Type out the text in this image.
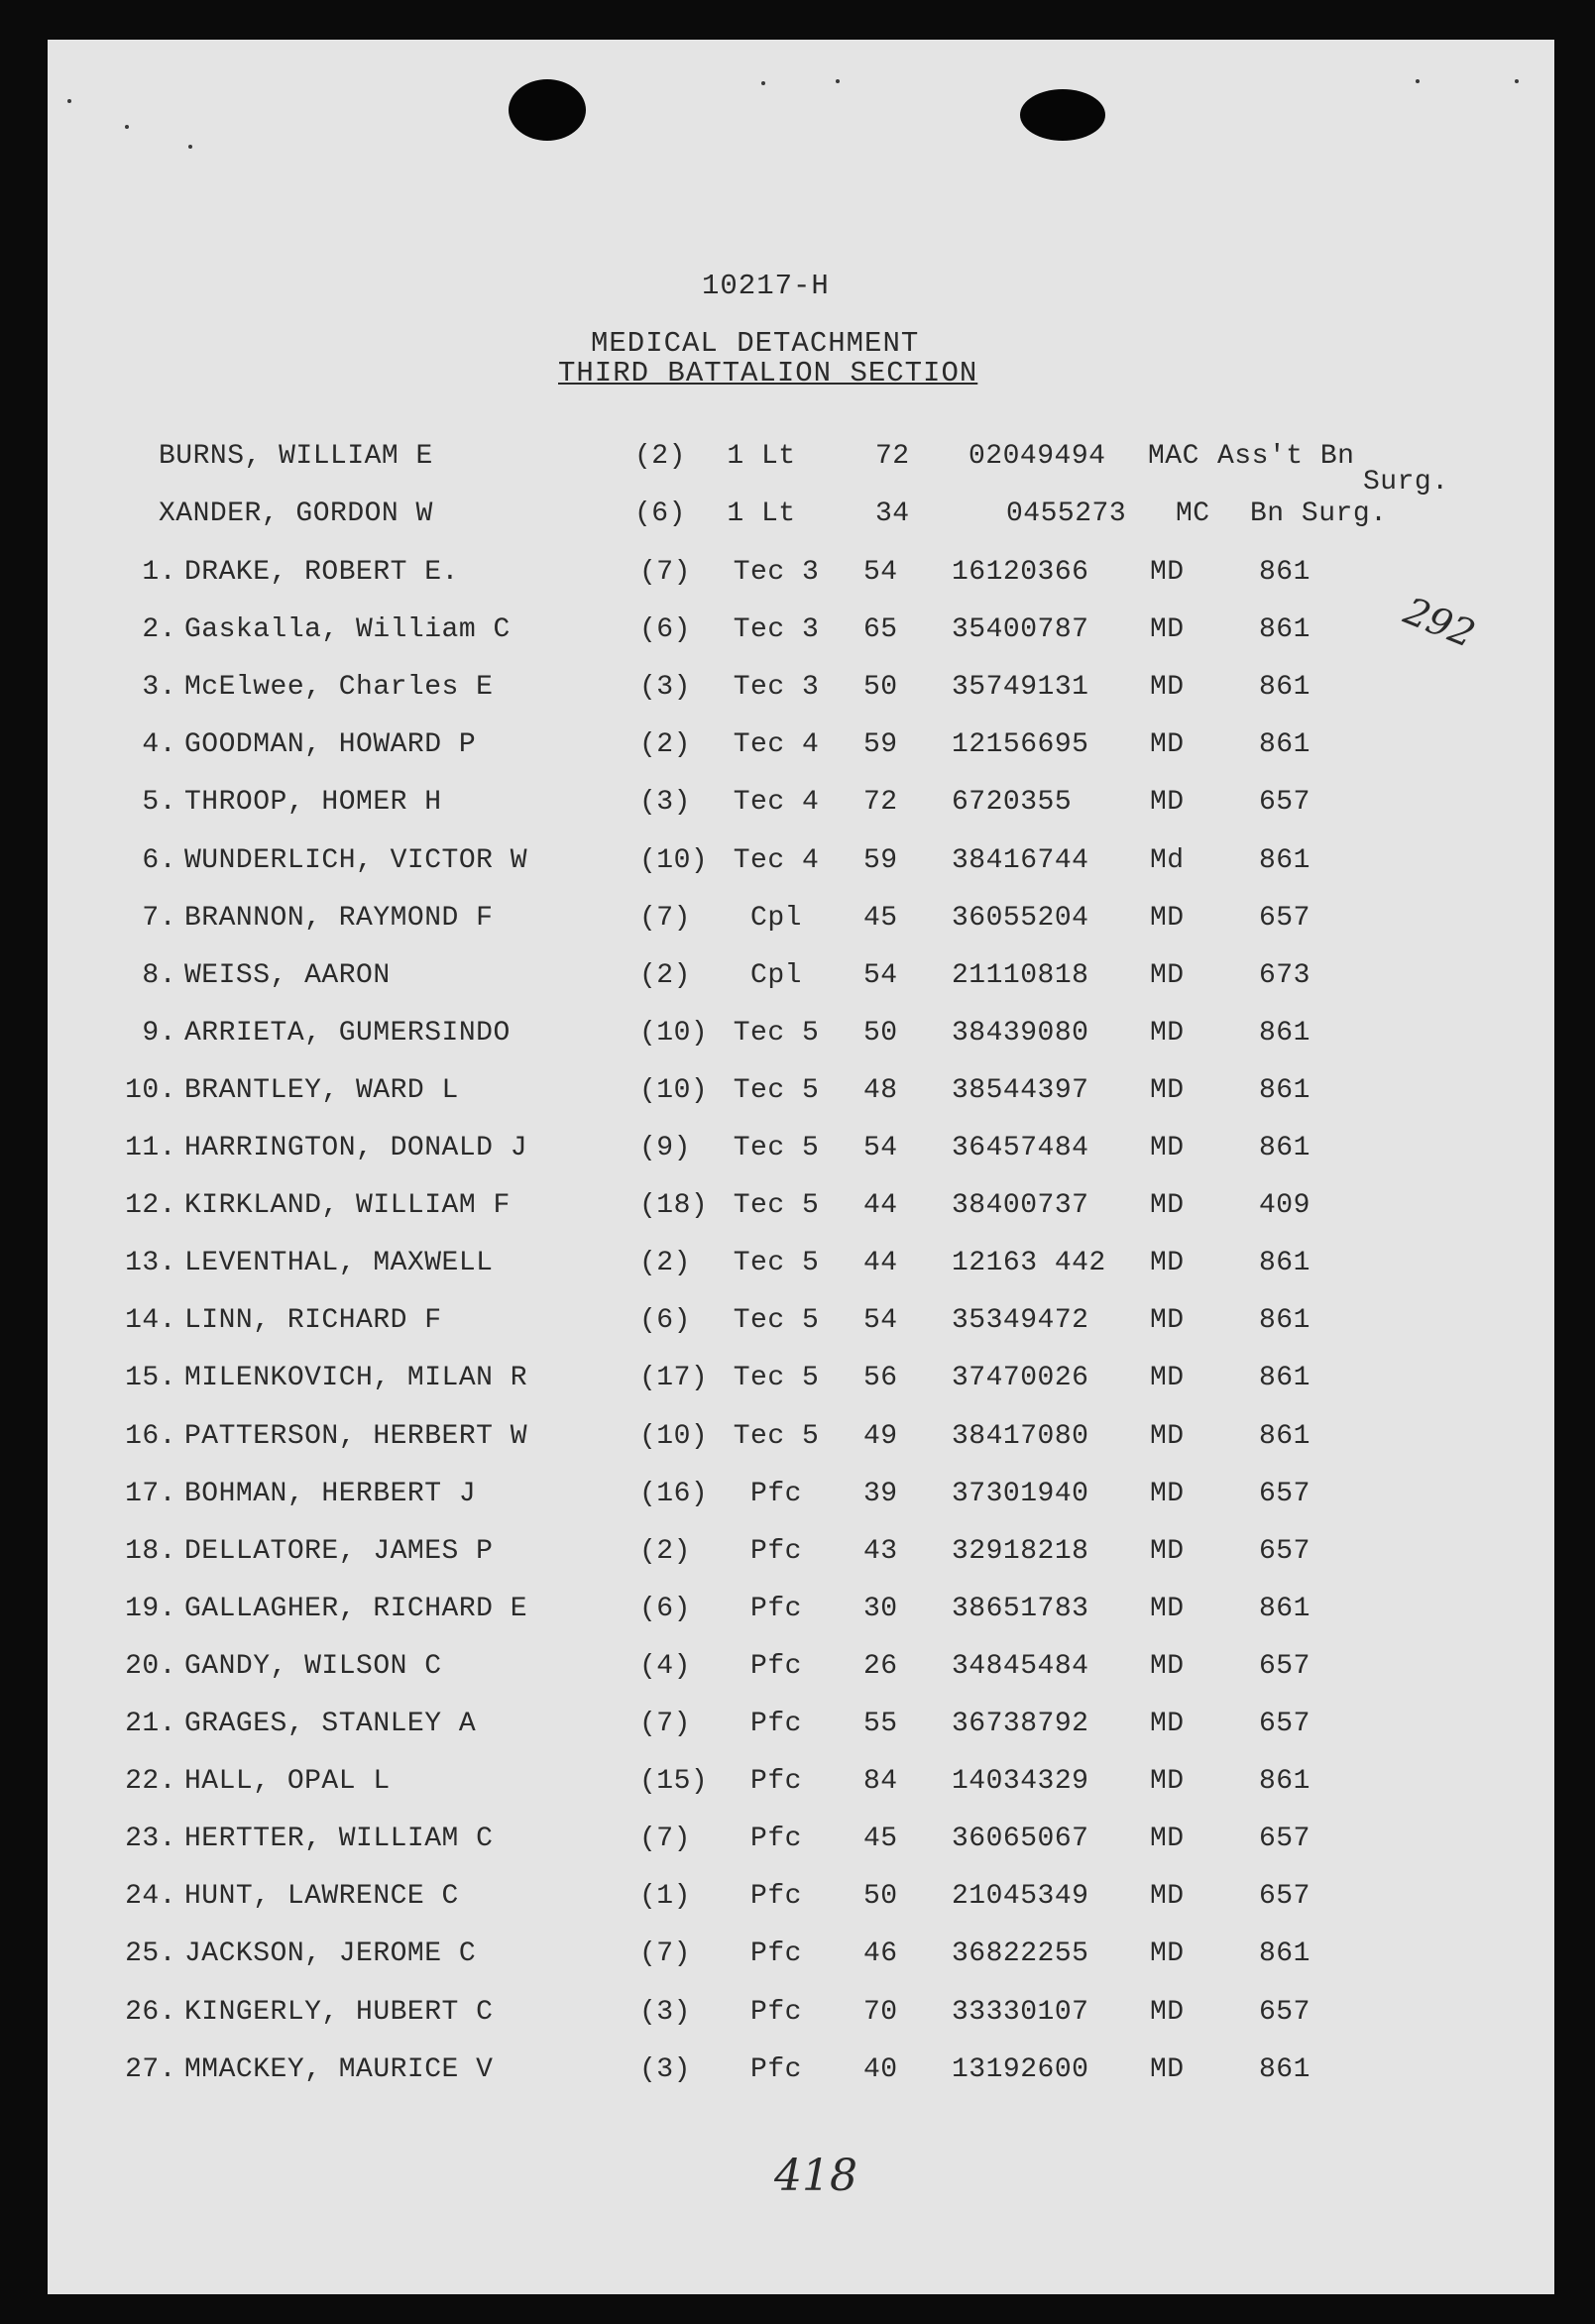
10217-H
MEDICAL DETACHMENT
THIRD BATTALION SECTION
292
418
BURNS, WILLIAM E	(2)	1 Lt	72 02049494 MAC Ass't Bn
Surg.
XANDER, GORDON W	(6)	1 Lt	34	0455273 MC Bn Surg.
1. DRAKE, ROBERT E.	(7)	Tec 3	54 16120366 MD	861
2. Gaskalla, William C	(6)	Tec 3	65 35400787 MD	861
3. McElwee, Charles E	(3)	Tec 3	50 35749131 MD	861
4. GOODMAN, HOWARD P	(2)	Tec 4	59 12156695 MD	861
5. THROOP, HOMER H	(3)	Tec 4	72 6720355	MD	657
6. WUNDERLICH, VICTOR W	(10) Tec 4	59 38416744 Md	861
7. BRANNON, RAYMOND F	(7)	Cpl	45 36055204 MD	657
8. WEISS, AARON	(2)	Cpl	54 21110818 MD	673
9. ARRIETA, GUMERSINDO	(10) Tec 5	50 38439080 MD	861
10. BRANTLEY, WARD L	(10) Tec 5	48 38544397 MD	861
11. HARRINGTON, DONALD J	(9)	Tec 5	54 36457484 MD	861
12. KIRKLAND, WILLIAM F	(18) Tec 5	44 38400737 MD	409
13. LEVENTHAL, MAXWELL	(2)	Tec 5	44 12163 442 MD	861
14. LINN, RICHARD F	(6)	Tec 5	54 35349472 MD	861
15. MILENKOVICH, MILAN R	(17) Tec 5	56 37470026 MD	861
16. PATTERSON, HERBERT W	(10) Tec 5	49 38417080 MD	861
17. BOHMAN, HERBERT J	(16)	Pfc	39 37301940 MD	657
18. DELLATORE, JAMES P	(2)	Pfc	43 32918218 MD	657
19. GALLAGHER, RICHARD E	(6)	Pfc	30 38651783 MD	861
20. GANDY, WILSON C	(4)	Pfc	26 34845484 MD	657
21. GRAGES, STANLEY A	(7)	Pfc	55 36738792 MD	657
22. HALL, OPAL L	(15)	Pfc	84 14034329 MD	861
23. HERTTER, WILLIAM C	(7)	Pfc	45 36065067 MD	657
24. HUNT, LAWRENCE C	(1)	Pfc	50 21045349 MD	657
25. JACKSON, JEROME C	(7)	Pfc	46 36822255 MD	861
26. KINGERLY, HUBERT C	(3)	Pfc	70 33330107 MD	657
27. MMACKEY, MAURICE V	(3)	Pfc	40 13192600 MD	861
